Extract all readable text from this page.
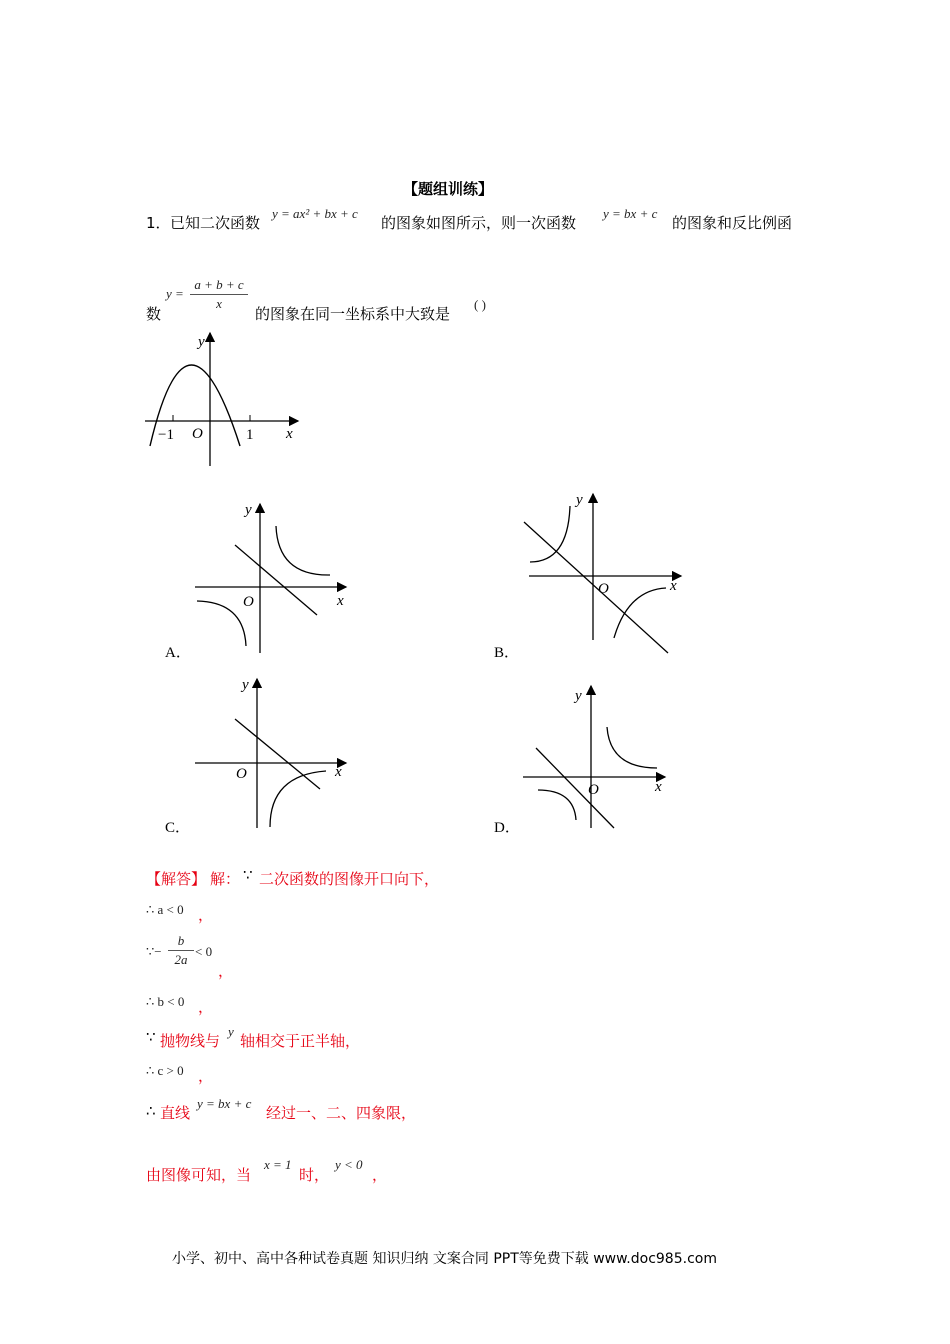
【题组训练】
1． 已知二次函数
y = ax² + bx + c
的图象如图所示，则一次函数
y = bx + c
的图象和反比例函
数
$y = \frac{a + b + c}{x}$
的图象在同一坐标系中大致是
( )
y
x
O
−1	1
y
x
O
A．
y
x
O
B．
y
x
O
C．
y
x
O
D．
【解答】 解： ∵ 二次函数的图像开口向下，
∴ a < 0 ，
∵− $\frac{b}{2a} < 0$
，
∴ b < 0 ，
∵ 抛物线与
y
轴相交于正半轴，
∴ c > 0 ，
∴ 直线
y = bx + c
经过一、二、四象限，
由图像可知，当
x = 1
时，
y < 0
，
小学、初中、高中各种试卷真题 知识归纳 文案合同 PPT等免费下载 www.doc985.com
